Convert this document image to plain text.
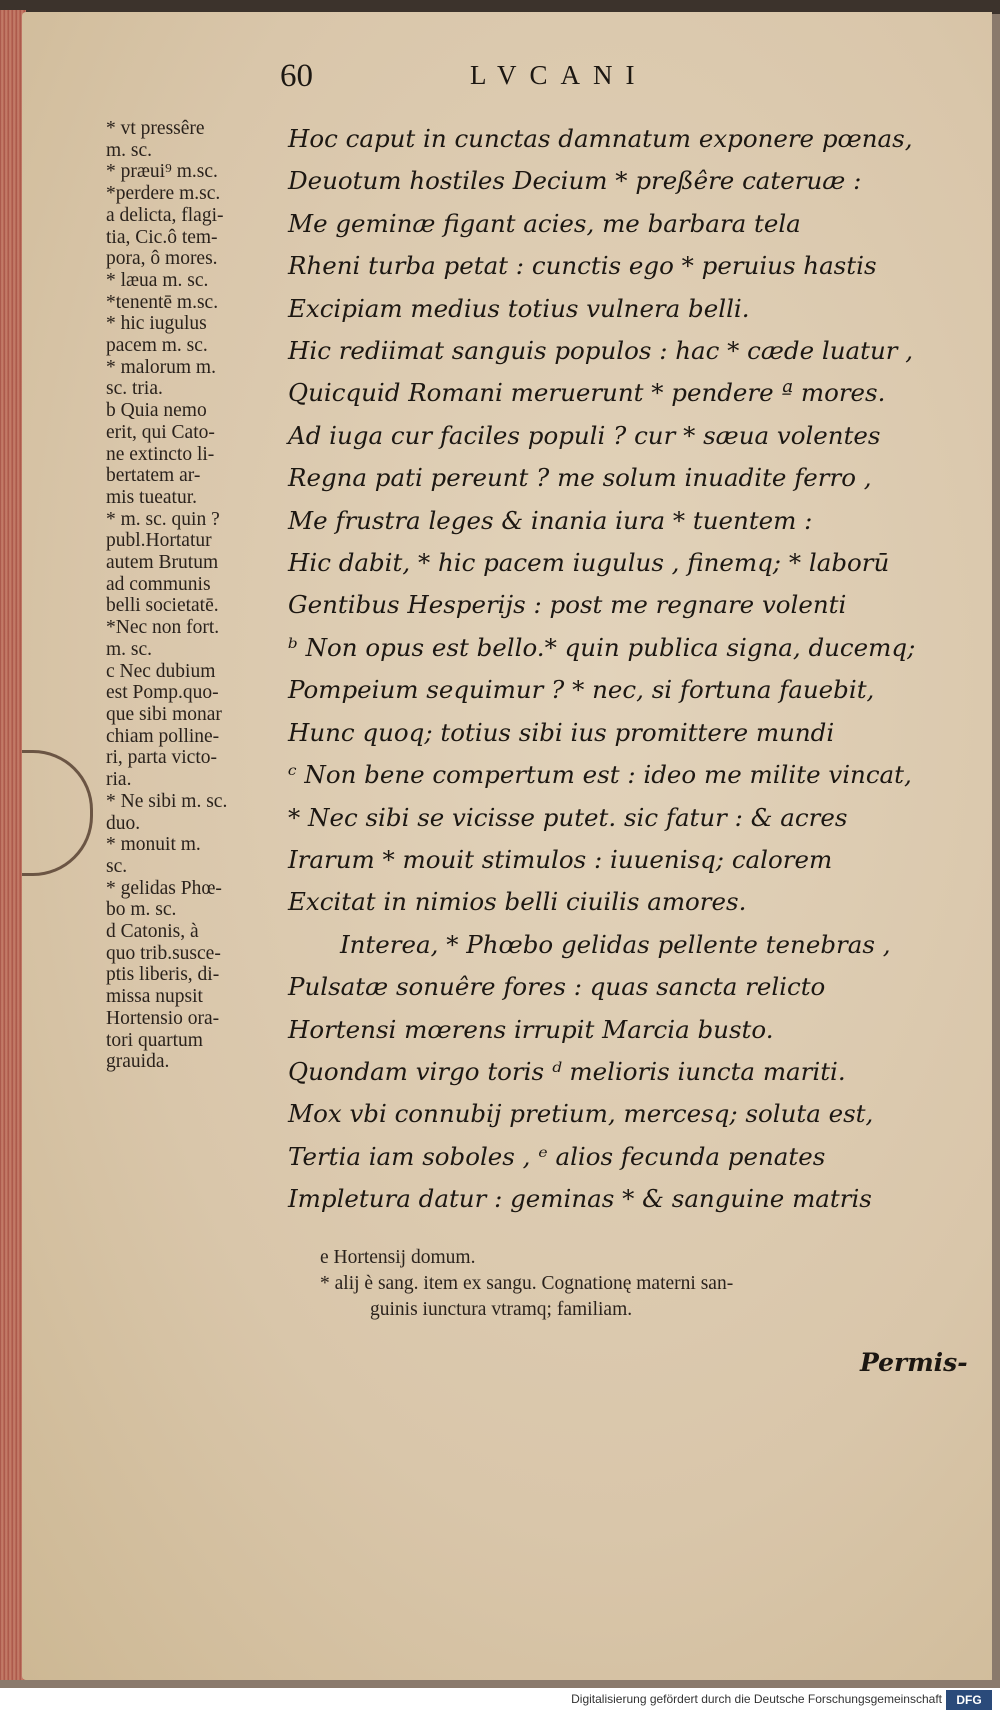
60	LVCANI
* vt pressêre
m. sc.
* præui⁹ m.sc.
*perdere m.sc.
a delicta, flagi-
tia, Cic.ô tem-
pora, ô mores.
* læua m. sc.
*tenentē m.sc.
* hic iugulus
pacem m. sc.
* malorum m.
sc. tria.
b Quia nemo
erit, qui Cato-
ne extincto li-
bertatem ar-
mis tueatur.
* m. sc. quin ?
publ.Hortatur
autem Brutum
ad communis
belli societatē.
*Nec non fort.
m. sc.
c Nec dubium
est Pomp.quo-
que sibi monar
chiam polline-
ri, parta victo-
ria.
* Ne sibi m. sc.
duo.
* monuit m.
sc.
* gelidas Phœ-
bo m. sc.
d Catonis, à
quo trib.susce-
ptis liberis, di-
missa nupsit
Hortensio ora-
tori quartum
grauida.
Hoc caput in cunctas damnatum exponere pœnas,
Deuotum hostiles Decium * preßêre cateruæ :
Me geminæ figant acies, me barbara tela
Rheni turba petat : cunctis ego * peruius hastis
Excipiam medius totius vulnera belli.
Hic rediimat sanguis populos : hac * cæde luatur ,
Quicquid Romani meruerunt * pendere ª mores.
Ad iuga cur faciles populi ? cur * sæua volentes
Regna pati pereunt ? me solum inuadite ferro ,
Me frustra leges & inania iura * tuentem :
Hic dabit, * hic pacem iugulus , finemq; * laborū
Gentibus Hesperijs : post me regnare volenti
ᵇ Non opus est bello.* quin publica signa, ducemq;
Pompeium sequimur ? * nec, si fortuna fauebit,
Hunc quoq; totius sibi ius promittere mundi
ᶜ Non bene compertum est : ideo me milite vincat,
* Nec sibi se vicisse putet. sic fatur : & acres
Irarum * mouit stimulos : iuuenisq; calorem
Excitat in nimios belli ciuilis amores.
Interea, * Phœbo gelidas pellente tenebras ,
Pulsatæ sonuêre fores : quas sancta relicto
Hortensi mœrens irrupit Marcia busto.
Quondam virgo toris ᵈ melioris iuncta mariti.
Mox vbi connubij pretium, mercesq; soluta est,
Tertia iam soboles , ᵉ alios fecunda penates
Impletura datur : geminas * & sanguine matris
e Hortensij domum.
* alij è sang. item ex sangu. Cognationę materni san-
guinis iunctura vtramq; familiam.
Permis-
Digitalisierung gefördert durch die Deutsche Forschungsgemeinschaft	DFG
